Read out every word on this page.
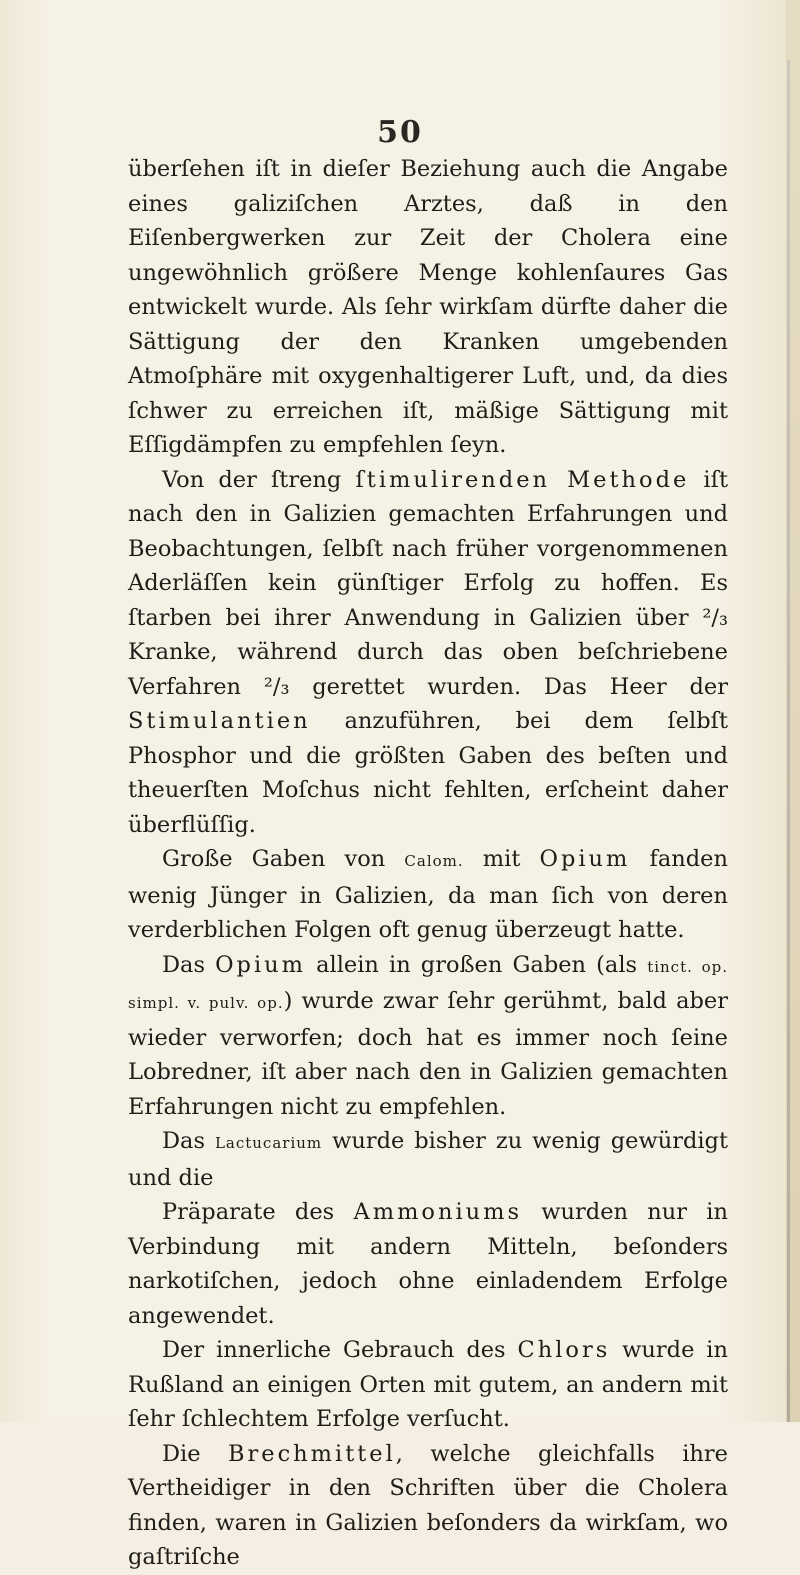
50

überſehen iſt in dieſer Beziehung auch die Angabe eines galiziſchen Arztes, daß in den Eiſenbergwerken zur Zeit der Cholera eine ungewöhnlich größere Menge kohlenſaures Gas entwickelt wurde. Als ſehr wirkſam dürfte daher die Sättigung der den Kranken umgebenden Atmoſphäre mit oxygenhaltigerer Luft, und, da dies ſchwer zu erreichen iſt, mäßige Sättigung mit Eſſigdämpfen zu empfehlen ſeyn.

Von der ſtreng ſtimulirenden Methode iſt nach den in Galizien gemachten Erfahrungen und Beobachtungen, ſelbſt nach früher vorgenommenen Aderläſſen kein günſtiger Erfolg zu hoffen. Es ſtarben bei ihrer Anwendung in Galizien über ²/₃ Kranke, während durch das oben beſchriebene Verfahren ²/₃ gerettet wurden. Das Heer der Stimulantien anzuführen, bei dem ſelbſt Phosphor und die größten Gaben des beſten und theuerſten Moſchus nicht fehlten, erſcheint daher überflüſſig.

Große Gaben von Calom. mit Opium fanden wenig Jünger in Galizien, da man ſich von deren verderblichen Folgen oft genug überzeugt hatte.

Das Opium allein in großen Gaben (als tinct. op. simpl. v. pulv. op.) wurde zwar ſehr gerühmt, bald aber wieder verworfen; doch hat es immer noch ſeine Lobredner, iſt aber nach den in Galizien gemachten Erfahrungen nicht zu empfehlen.

Das Lactucarium wurde bisher zu wenig gewürdigt und die

Präparate des Ammoniums wurden nur in Verbindung mit andern Mitteln, beſonders narkotiſchen, jedoch ohne einladendem Erfolge angewendet.

Der innerliche Gebrauch des Chlors wurde in Rußland an einigen Orten mit gutem, an andern mit ſehr ſchlechtem Erfolge verſucht.

Die Brechmittel, welche gleichfalls ihre Vertheidiger in den Schriften über die Cholera finden, waren in Galizien beſonders da wirkſam, wo gaſtriſche
